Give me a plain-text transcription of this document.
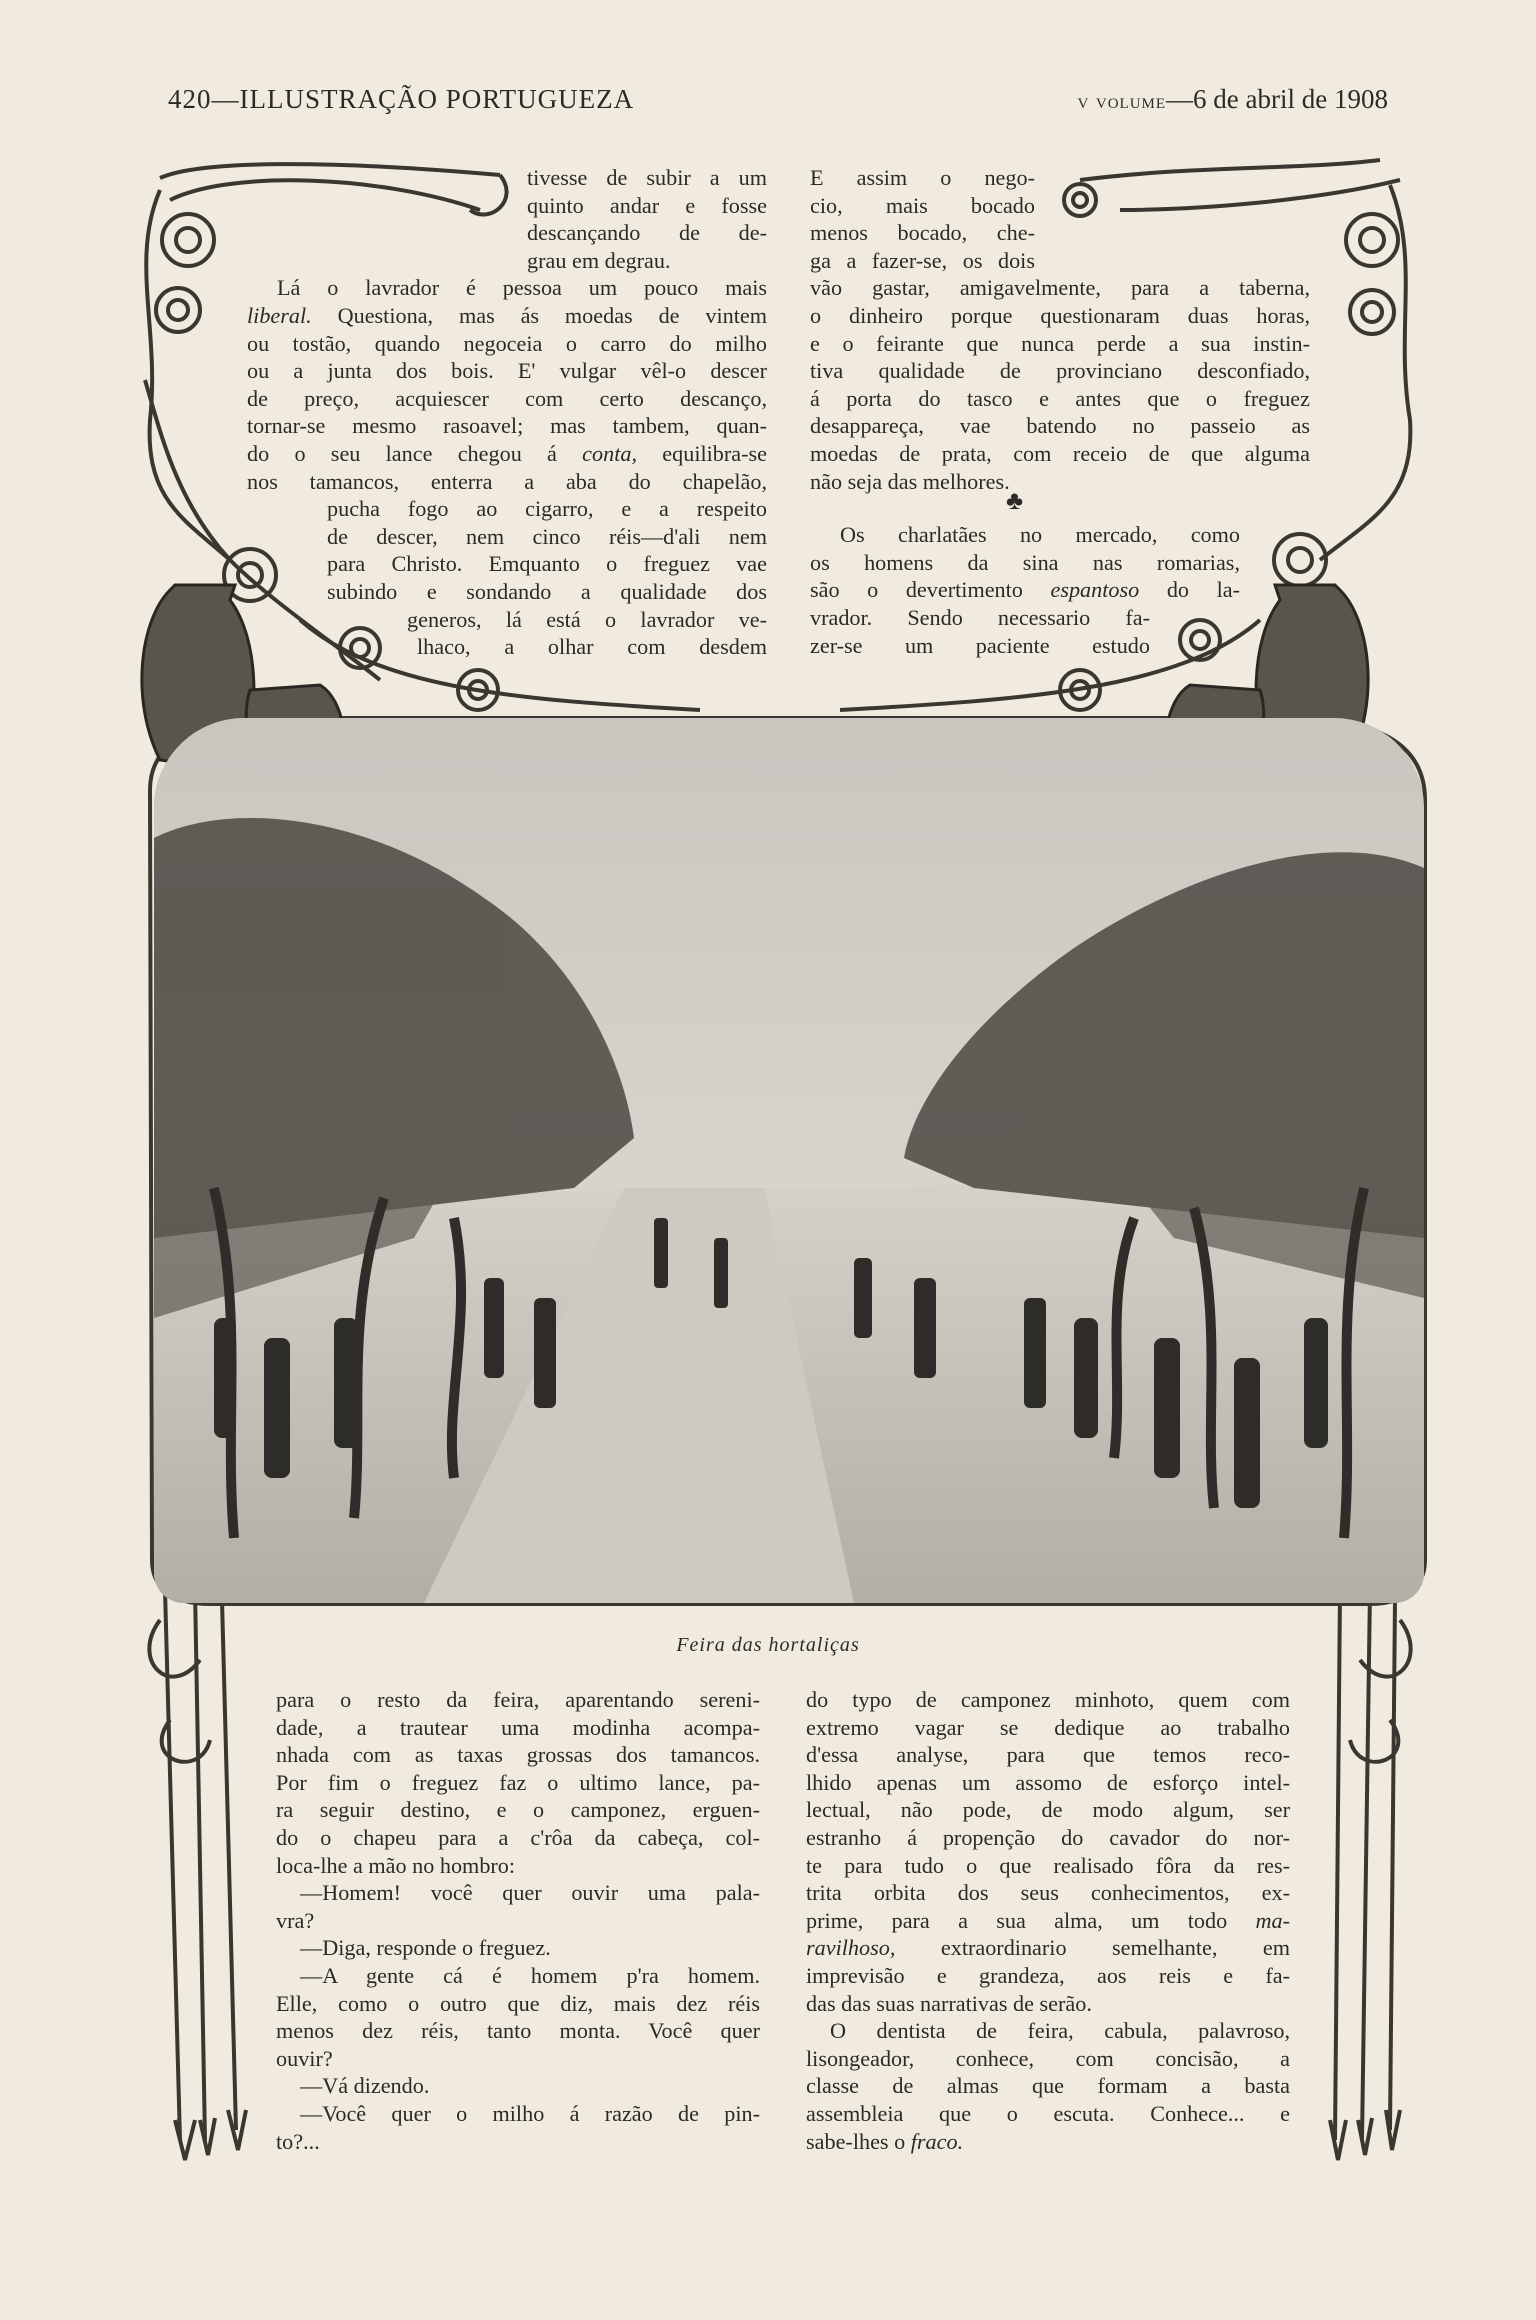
420—ILLUSTRAÇÃO PORTUGUEZA	v volume—6 de abril de 1908
tivesse de subir a um
quinto andar e fosse
descançando de de-
grau em degrau.
Lá o lavrador é pessoa um pouco mais
liberal. Questiona, mas ás moedas de vintem
ou tostão, quando negoceia o carro do milho
ou a junta dos bois. E' vulgar vêl-o descer
de preço, acquiescer com certo descanço,
tornar-se mesmo rasoavel; mas tambem, quan-
do o seu lance chegou á conta, equilibra-se
nos tamancos, enterra a aba do chapelão,
pucha fogo ao cigarro, e a respeito
de descer, nem cinco réis—d'ali nem
para Christo. Emquanto o freguez vae
subindo e sondando a qualidade dos
generos, lá está o lavrador ve-
lhaco, a olhar com desdem
E assim o nego-
cio, mais bocado
menos bocado, che-
ga a fazer-se, os dois
vão gastar, amigavelmente, para a taberna,
o dinheiro porque questionaram duas horas,
e o feirante que nunca perde a sua instin-
tiva qualidade de provinciano desconfiado,
á porta do tasco e antes que o freguez
desappareça, vae batendo no passeio as
moedas de prata, com receio de que alguma
não seja das melhores.
Os charlatães no mercado, como
os homens da sina nas romarias,
são o devertimento espantoso do la-
vrador. Sendo necessario fa-
zer-se um paciente estudo
♣
Feira das hortaliças
para o resto da feira, aparentando sereni-
dade, a trautear uma modinha acompa-
nhada com as taxas grossas dos tamancos.
Por fim o freguez faz o ultimo lance, pa-
ra seguir destino, e o camponez, erguen-
do o chapeu para a c'rôa da cabeça, col-
loca-lhe a mão no hombro:
—Homem! você quer ouvir uma pala-
vra?
—Diga, responde o freguez.
—A gente cá é homem p'ra homem.
Elle, como o outro que diz, mais dez réis
menos dez réis, tanto monta. Você quer
ouvir?
—Vá dizendo.
—Você quer o milho á razão de pin-
to?...
do typo de camponez minhoto, quem com
extremo vagar se dedique ao trabalho
d'essa analyse, para que temos reco-
lhido apenas um assomo de esforço intel-
lectual, não pode, de modo algum, ser
estranho á propenção do cavador do nor-
te para tudo o que realisado fôra da res-
trita orbita dos seus conhecimentos, ex-
prime, para a sua alma, um todo ma-
ravilhoso, extraordinario semelhante, em
imprevisão e grandeza, aos reis e fa-
das das suas narrativas de serão.
O dentista de feira, cabula, palavroso,
lisongeador, conhece, com concisão, a
classe de almas que formam a basta
assembleia que o escuta. Conhece... e
sabe-lhes o fraco.
